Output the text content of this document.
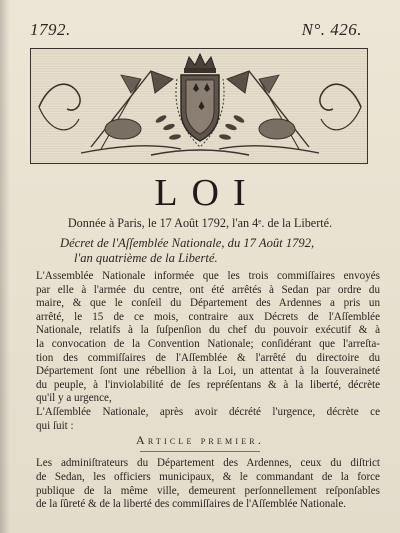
1792.	N°. 426.
LOI
Donnée à Paris, le 17 Août 1792, l'an 4ᵉ. de la Liberté.
Décret de l'Aſſemblée Nationale, du 17 Août 1792,
l'an quatrième de la Liberté.
L'Assemblée Nationale informée que les trois commiſſaires envoyés
par elle à l'armée du centre, ont été arrêtés à Sedan par ordre du
maire, & que le conſeil du Département des Ardennes a pris un
arrêté, le 15 de ce mois, contraire aux Décrets de l'Aſſemblée
Nationale, relatifs à la ſuſpenſion du chef du pouvoir exécutif & à
la convocation de la Convention Nationale; conſidérant que l'arreſta-
tion des commiſſaires de l'Aſſemblée & l'arrêté du directoire du
Département ſont une rébellion à la Loi, un attentat à la ſouveraineté
du peuple, à l'inviolabilité de ſes repréſentans & à la liberté, décrète
qu'il y a urgence,
L'Aſſemblée Nationale, après avoir décrété l'urgence, décrète ce
qui ſuit :
Article premier.
Les adminiſtrateurs du Département des Ardennes, ceux du diſtrict
de Sedan, les officiers municipaux, & le commandant de la force
publique de la même ville, demeurent perſonnellement reſponſables
de la ſûreté & de la liberté des commiſſaires de l'Aſſemblée Nationale.
